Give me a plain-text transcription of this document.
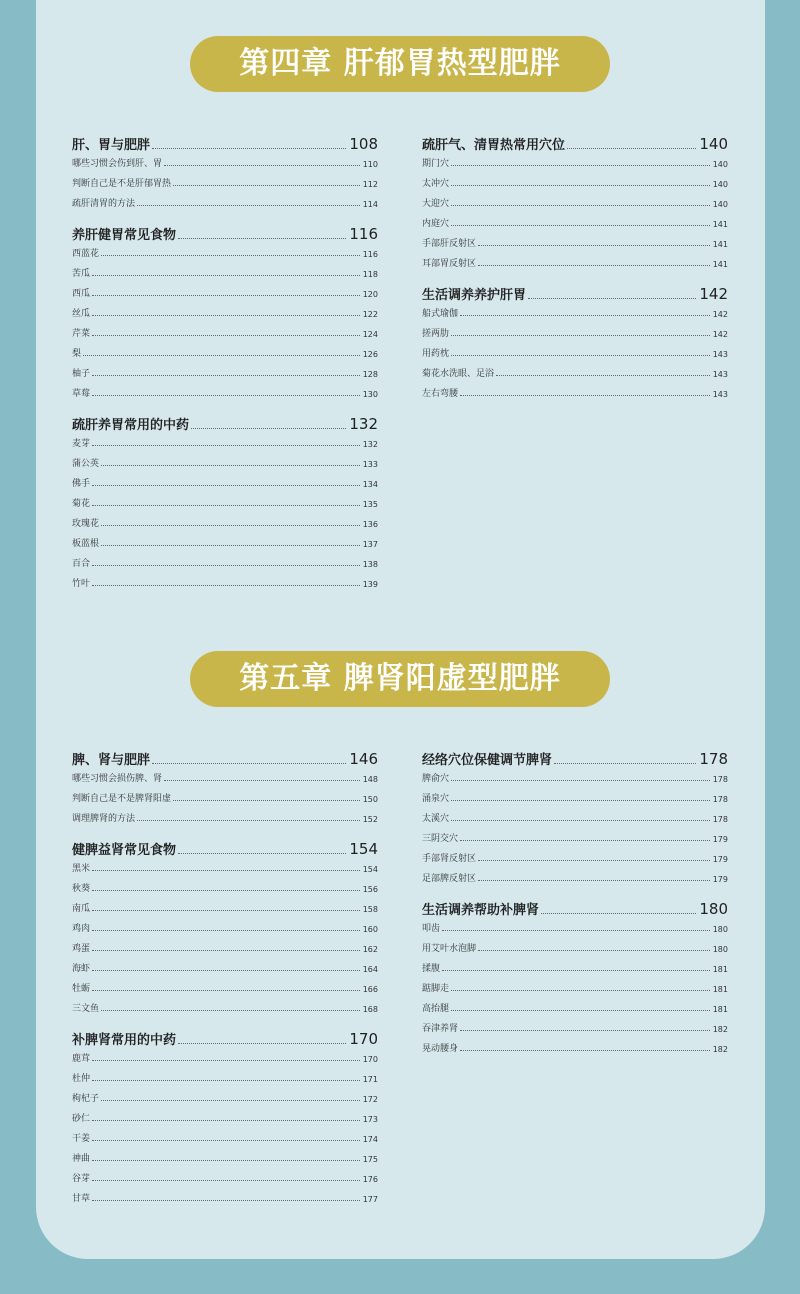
第四章 肝郁胃热型肥胖
肝、胃与肥胖	108
哪些习惯会伤到肝、胃	110
判断自己是不是肝郁胃热	112
疏肝清胃的方法	114
养肝健胃常见食物	116
西蓝花	116
苦瓜	118
西瓜	120
丝瓜	122
芹菜	124
梨	126
柚子	128
草莓	130
疏肝养胃常用的中药	132
麦芽	132
蒲公英	133
佛手	134
菊花	135
玫瑰花	136
板蓝根	137
百合	138
竹叶	139
疏肝气、清胃热常用穴位	140
期门穴	140
太冲穴	140
大迎穴	140
内庭穴	141
手部肝反射区	141
耳部胃反射区	141
生活调养养护肝胃	142
船式瑜伽	142
搓两肋	142
用药枕	143
菊花水洗眼、足浴	143
左右弯腰	143
第五章 脾肾阳虚型肥胖
脾、肾与肥胖	146
哪些习惯会损伤脾、肾	148
判断自己是不是脾肾阳虚	150
调理脾肾的方法	152
健脾益肾常见食物	154
黑米	154
秋葵	156
南瓜	158
鸡肉	160
鸡蛋	162
海虾	164
牡蛎	166
三文鱼	168
补脾肾常用的中药	170
鹿茸	170
杜仲	171
枸杞子	172
砂仁	173
干姜	174
神曲	175
谷芽	176
甘草	177
经络穴位保健调节脾肾	178
脾俞穴	178
涌泉穴	178
太溪穴	178
三阴交穴	179
手部肾反射区	179
足部脾反射区	179
生活调养帮助补脾肾	180
叩齿	180
用艾叶水泡脚	180
揉腹	181
踮脚走	181
高抬腿	181
吞津养肾	182
晃动腰身	182
